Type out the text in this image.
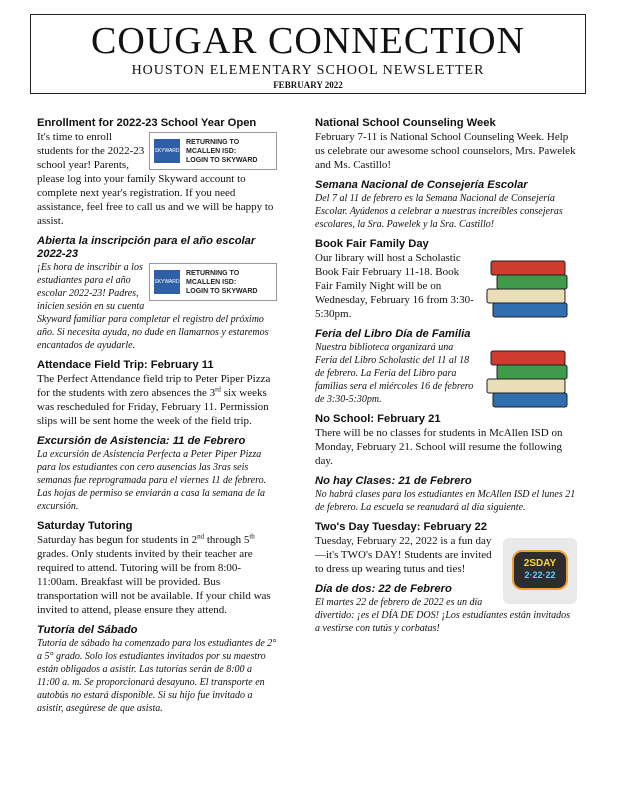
COUGAR CONNECTION
HOUSTON ELEMENTARY SCHOOL NEWSLETTER
FEBRUARY 2022
Enrollment for 2022-23 School Year Open
SKYWARD
RETURNING TO
MCALLEN ISD:
LOGIN TO SKYWARD

It's time to enroll students for the 2022-23 school year! Parents, please log into your family Skyward account to complete next year's registration. If you need assistance, feel free to call us and we will be happy to assist.

Abierta la inscripción para el año escolar 2022-23
SKYWARD
RETURNING TO
MCALLEN ISD:
LOGIN TO SKYWARD

¡Es hora de inscribir a los estudiantes para el año escolar 2022-23! Padres, inicien sesión en su cuenta Skyward familiar para completar el registro del próximo año. Si necesita ayuda, no dude en llamarnos y estaremos encantados de ayudarle.

Attendace Field Trip: February 11

The Perfect Attendance field trip to Peter Piper Pizza for the students with zero absences the 3rd six weeks was rescheduled for Friday, February 11. Permission slips will be sent home the week of the field trip.

Excursión de Asistencia: 11 de Febrero

La excursión de Asistencia Perfecta a Peter Piper Pizza para los estudiantes con cero ausencias las 3ras seis semanas fue reprogramada para el viernes 11 de febrero. Las hojas de permiso se enviarán a casa la semana de la excursión.

Saturday Tutoring

Saturday has begun for students in 2nd through 5th grades. Only students invited by their teacher are required to attend. Tutoring will be from 8:00-11:00am. Breakfast will be provided. Bus transportation will not be available. If your child was invited to attend, please ensure they attend.

Tutoría del Sábado

Tutoría de sábado ha comenzado para los estudiantes de 2° a 5° grado. Solo los estudiantes invitados por su maestro están obligados a asistir. Las tutorías serán de 8:00 a 11:00 a. m. Se proporcionará desayuno. El transporte en autobús no estará disponible. Si su hijo fue invitado a asistir, asegúrese de que asista.

National School Counseling Week

February 7-11 is National School Counseling Week. Help us celebrate our awesome school counselors, Mrs. Pawelek and Ms. Castillo!

Semana Nacional de Consejería Escolar

Del 7 al 11 de febrero es la Semana Nacional de Consejería Escolar. Ayúdenos a celebrar a nuestras increíbles consejeras escolares, la Sra. Pawelek y la Sra. Castillo!

Book Fair Family Day

Our library will host a Scholastic Book Fair February 11-18. Book Fair Family Night will be on Wednesday, February 16 from 3:30-5:30pm.

Feria del Libro Día de Familia

Nuestra biblioteca organizará una Feria del Libro Scholastic del 11 al 18 de febrero. La Feria del Libro para familias sera el miércoles 16 de febrero de 3:30-5:30pm.

No School: February 21

There will be no classes for students in McAllen ISD on Monday, February 21. School will resume the following day.

No hay Clases: 21 de Febrero

No habrá clases para los estudiantes en McAllen ISD el lunes 21 de febrero. La escuela se reanudará al día siguiente.

Two's Day Tuesday: February 22
2SDAY
2·22·22

Tuesday, February 22, 2022 is a fun day—it's TWO's DAY! Students are invited to dress up wearing tutus and ties!

Día de dos: 22 de Febrero

El martes 22 de febrero de 2022 es un día divertido: ¡es el DÍA DE DOS! ¡Los estudiantes están invitados a vestirse con tutús y corbatas!
